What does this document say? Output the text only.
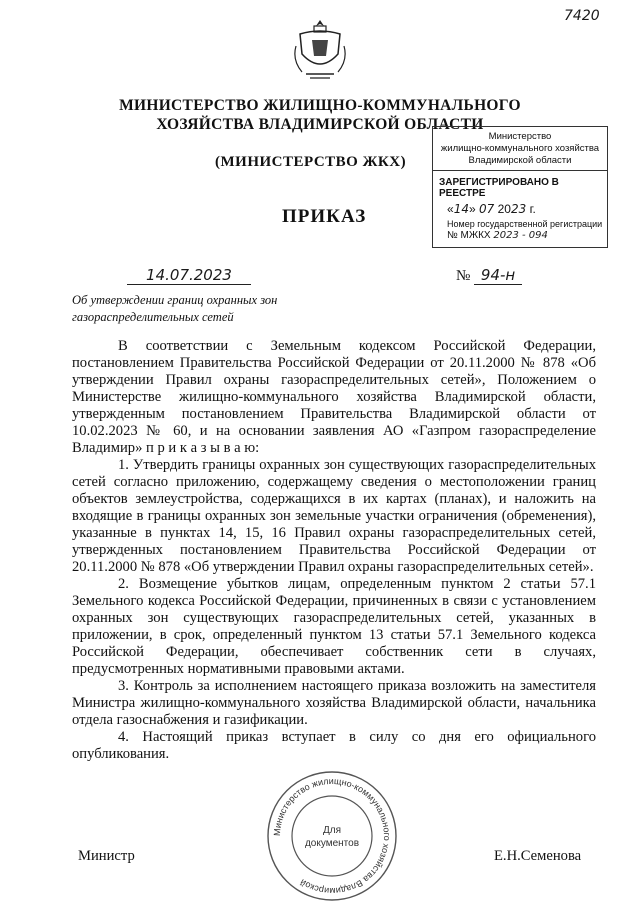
7420
МИНИСТЕРСТВО ЖИЛИЩНО-КОММУНАЛЬНОГО
ХОЗЯЙСТВА ВЛАДИМИРСКОЙ ОБЛАСТИ
(МИНИСТЕРСТВО ЖКХ)
ПРИКАЗ
Министерство
жилищно-коммунального хозяйства
Владимирской области
ЗАРЕГИСТРИРОВАНО В РЕЕСТРЕ
«14» 07 2023 г.
Номер государственной регистрации
№ МЖКХ 2023 - 094
14.07.2023	№ 94-н
Об утверждении границ охранных зон
газораспределительных сетей

В соответствии с Земельным кодексом Российской Федерации, постановлением Правительства Российской Федерации от 20.11.2000 № 878 «Об утверждении Правил охраны газораспределительных сетей», Положением о Министерстве жилищно-коммунального хозяйства Владимирской области, утвержденным постановлением Правительства Владимирской области от 10.02.2023 № 60, и на основании заявления АО «Газпром газораспределение Владимир» п р и к а з ы в а ю:

1. Утвердить границы охранных зон существующих газораспределительных сетей согласно приложению, содержащему сведения о местоположении границ объектов землеустройства, содержащихся в их картах (планах), и наложить на входящие в границы охранных зон земельные участки ограничения (обременения), указанные в пунктах 14, 15, 16 Правил охраны газораспределительных сетей, утвержденных постановлением Правительства Российской Федерации от 20.11.2000 № 878 «Об утверждении Правил охраны газораспределительных сетей».

2. Возмещение убытков лицам, определенным пунктом 2 статьи 57.1 Земельного кодекса Российской Федерации, причиненных в связи с установлением охранных зон существующих газораспределительных сетей, указанных в приложении, в срок, определенный пунктом 13 статьи 57.1 Земельного кодекса Российской Федерации, обеспечивает собственник сети в случаях, предусмотренных нормативными правовыми актами.

3. Контроль за исполнением настоящего приказа возложить на заместителя Министра жилищно-коммунального хозяйства Владимирской области, начальника отдела газоснабжения и газификации.

4. Настоящий приказ вступает в силу со дня его официального опубликования.

Министерство жилищно-коммунального хозяйства Владимирской
Для
документов
Министр	Е.Н.Семенова
